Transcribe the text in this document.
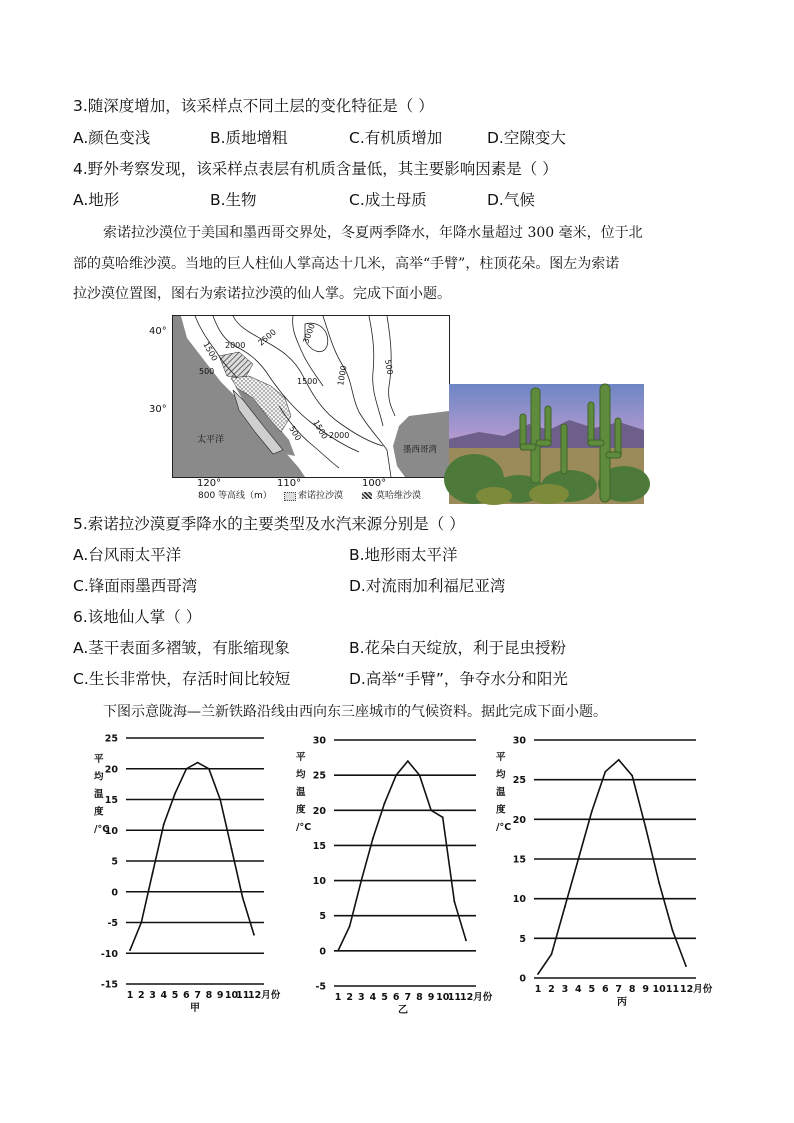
3.随深度增加，该采样点不同土层的变化特征是（ ）
A.颜色变浅	B.质地增粗	C.有机质增加	D.空隙变大
4.野外考察发现，该采样点表层有机质含量低，其主要影响因素是（ ）
A.地形	B.生物	C.成土母质	D.气候
索诺拉沙漠位于美国和墨西哥交界处，冬夏两季降水，年降水量超过 300 毫米，位于北
部的莫哈维沙漠。当地的巨人柱仙人掌高达十几米，高举“手臂”，柱顶花朵。图左为索诺
拉沙漠位置图，图右为索诺拉沙漠的仙人掌。完成下面小题。
1500 2000 2500	3000
500	1000
1500
500
2000
1500
500
太平洋
墨西哥湾
40°
30°
120°	110°	100°
800 等高线（m）	索诺拉沙漠	莫哈维沙漠
5.索诺拉沙漠夏季降水的主要类型及水汽来源分别是（ ）
A.台风雨太平洋	B.地形雨太平洋
C.锋面雨墨西哥湾	D.对流雨加利福尼亚湾
6.该地仙人掌（ ）
A.茎干表面多褶皱，有胀缩现象	B.花朵白天绽放，利于昆虫授粉
C.生长非常快，存活时间比较短	D.高举“手臂”，争夺水分和阳光
下图示意陇海—兰新铁路沿线由西向东三座城市的气候资料。据此完成下面小题。
25
20
15
10
5
0
-5
-10
-15
平均温度/°C
1 2 3 4 5 6 7 8 9 10
11
12月份
甲
30
25
20
15
10
5
0
-5
平均温度/°C
1 2 3 4 5 6 7 8 9 10
11 12月份
乙
30
25
20
15
10
5
0
平均温度/°C
1 2 3 4 5 6 7 8 9 10 11 12月份
丙
